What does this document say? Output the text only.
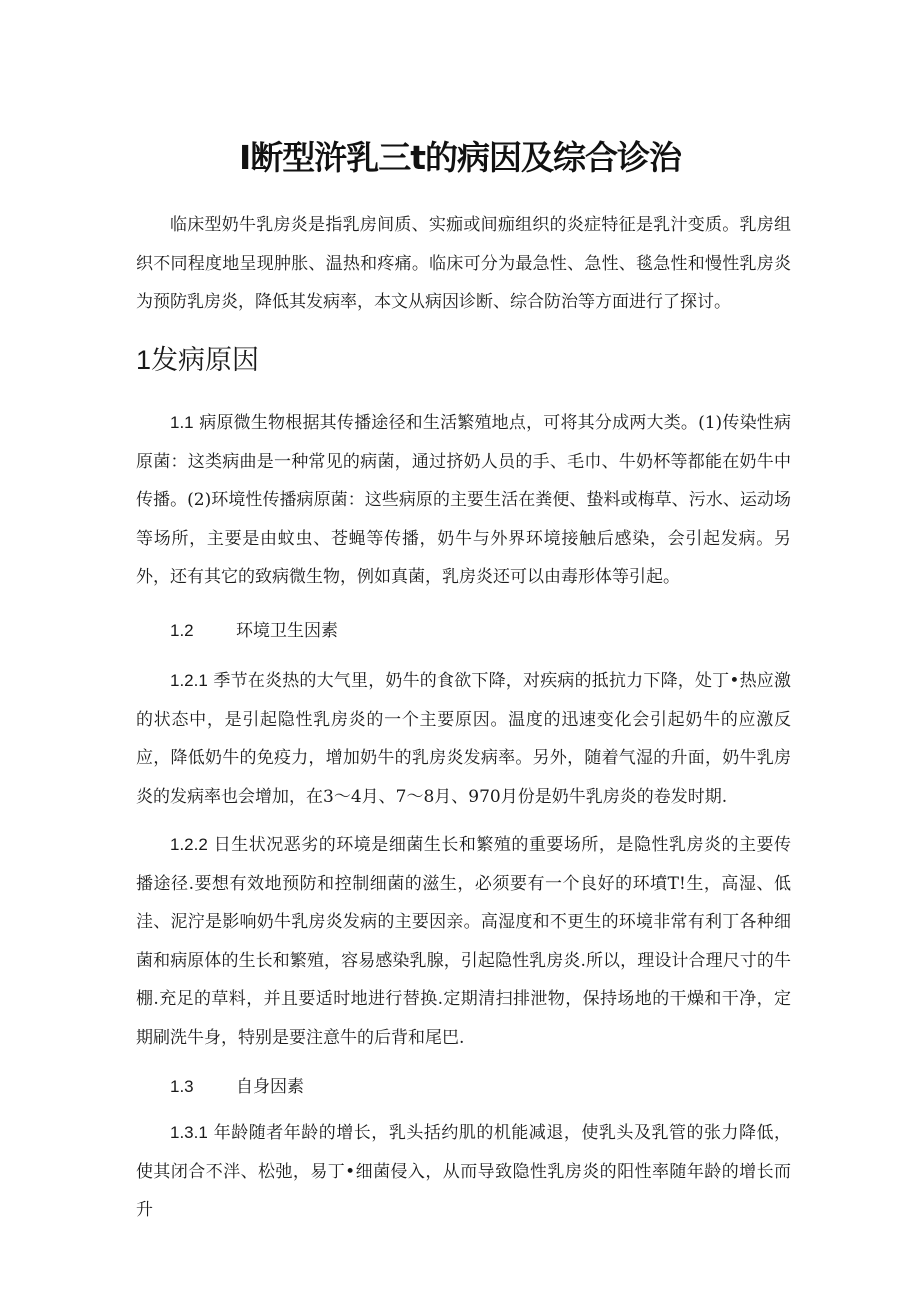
I断型浒乳三t的病因及综合诊治

临床型奶牛乳房炎是指乳房间质、实痂或间痂组织的炎症特征是乳汁变质。乳房组织不同程度地呈现肿胀、温热和疼痛。临床可分为最急性、急性、毯急性和慢性乳房炎为预防乳房炎，降低其发病率，本文从病因诊断、综合防治等方面进行了探讨。

1发病原因

1.1 病原微生物根据其传播途径和生活繁殖地点，可将其分成两大类。(1)传染性病原菌：这类病曲是一种常见的病菌，通过挤奶人员的手、毛巾、牛奶杯等都能在奶牛中传播。(2)环境性传播病原菌：这些病原的主要生活在粪便、蛰料或梅草、污水、运动场等场所，主要是由蚊虫、苍蝇等传播，奶牛与外界环境接触后感染，会引起发病。另外，还有其它的致病微生物，例如真菌，乳房炎还可以由毒形体等引起。

1.2 环境卫生因素

1.2.1 季节在炎热的大气里，奶牛的食欲下降，对疾病的抵抗力下降，处丁•热应激的状态中，是引起隐性乳房炎的一个主要原因。温度的迅速变化会引起奶牛的应激反应，降低奶牛的免疫力，增加奶牛的乳房炎发病率。另外，随着气湿的升面，奶牛乳房炎的发病率也会增加，在3～4月、7～8月、970月份是奶牛乳房炎的卷发时期.

1.2.2 日生状况恶劣的环境是细菌生长和繁殖的重要场所，是隐性乳房炎的主要传播途径.要想有效地预防和控制细菌的滋生，必须要有一个良好的环墳T!生，高湿、低洼、泥泞是影响奶牛乳房炎发病的主要因亲。高湿度和不更生的环境非常有利丁各种细菌和病原体的生长和繁殖，容易感染乳腺，引起隐性乳房炎.所以，理设计合理尺寸的牛棚.充足的草料，并且要适时地进行替换.定期清扫排泄物，保持场地的干燥和干净，定期刷洗牛身，特别是要注意牛的后背和尾巴.

1.3 自身因素

1.3.1 年龄随者年龄的增长，乳头括约肌的机能减退，使乳头及乳管的张力降低，使其闭合不泮、松弛，易丁•细菌侵入，从而导致隐性乳房炎的阳性率随年龄的增长而升
